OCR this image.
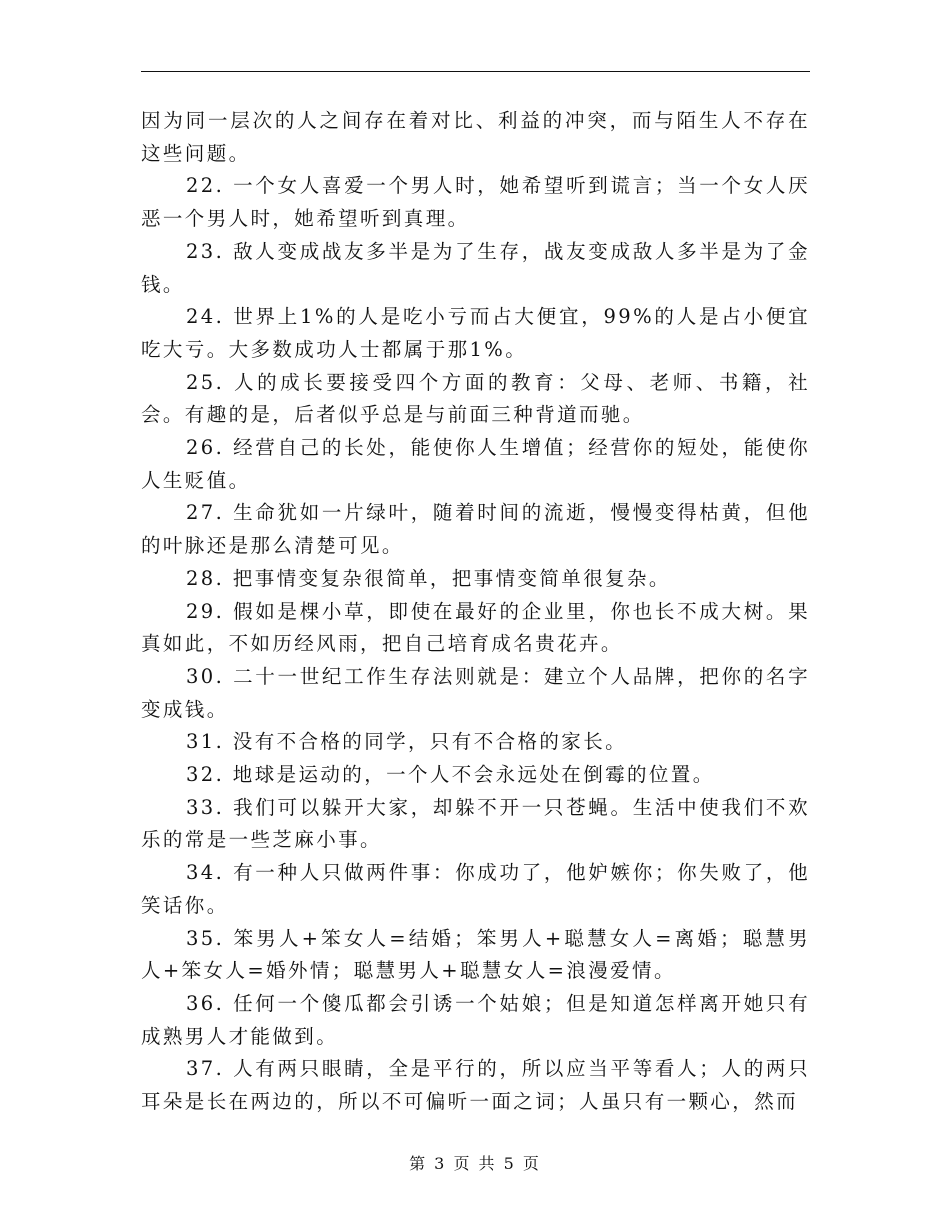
因为同一层次的人之间存在着对比、利益的冲突，而与陌生人不存在这些问题。

22. 一个女人喜爱一个男人时，她希望听到谎言；当一个女人厌恶一个男人时，她希望听到真理。

23. 敌人变成战友多半是为了生存，战友变成敌人多半是为了金钱。

24. 世界上1%的人是吃小亏而占大便宜，99%的人是占小便宜吃大亏。大多数成功人士都属于那1%。

25. 人的成长要接受四个方面的教育：父母、老师、书籍，社会。有趣的是，后者似乎总是与前面三种背道而驰。

26. 经营自己的长处，能使你人生增值；经营你的短处，能使你人生贬值。

27. 生命犹如一片绿叶，随着时间的流逝，慢慢变得枯黄，但他的叶脉还是那么清楚可见。

28. 把事情变复杂很简单，把事情变简单很复杂。

29. 假如是棵小草，即使在最好的企业里，你也长不成大树。果真如此，不如历经风雨，把自己培育成名贵花卉。

30. 二十一世纪工作生存法则就是：建立个人品牌，把你的名字变成钱。

31. 没有不合格的同学，只有不合格的家长。

32. 地球是运动的，一个人不会永远处在倒霉的位置。

33. 我们可以躲开大家，却躲不开一只苍蝇。生活中使我们不欢乐的常是一些芝麻小事。

34. 有一种人只做两件事：你成功了，他妒嫉你；你失败了，他笑话你。

35. 笨男人+笨女人=结婚；笨男人+聪慧女人=离婚；聪慧男人+笨女人=婚外情；聪慧男人+聪慧女人=浪漫爱情。

36. 任何一个傻瓜都会引诱一个姑娘；但是知道怎样离开她只有成熟男人才能做到。

37. 人有两只眼睛，全是平行的，所以应当平等看人；人的两只耳朵是长在两边的，所以不可偏听一面之词；人虽只有一颗心，然而

第 3 页 共 5 页
